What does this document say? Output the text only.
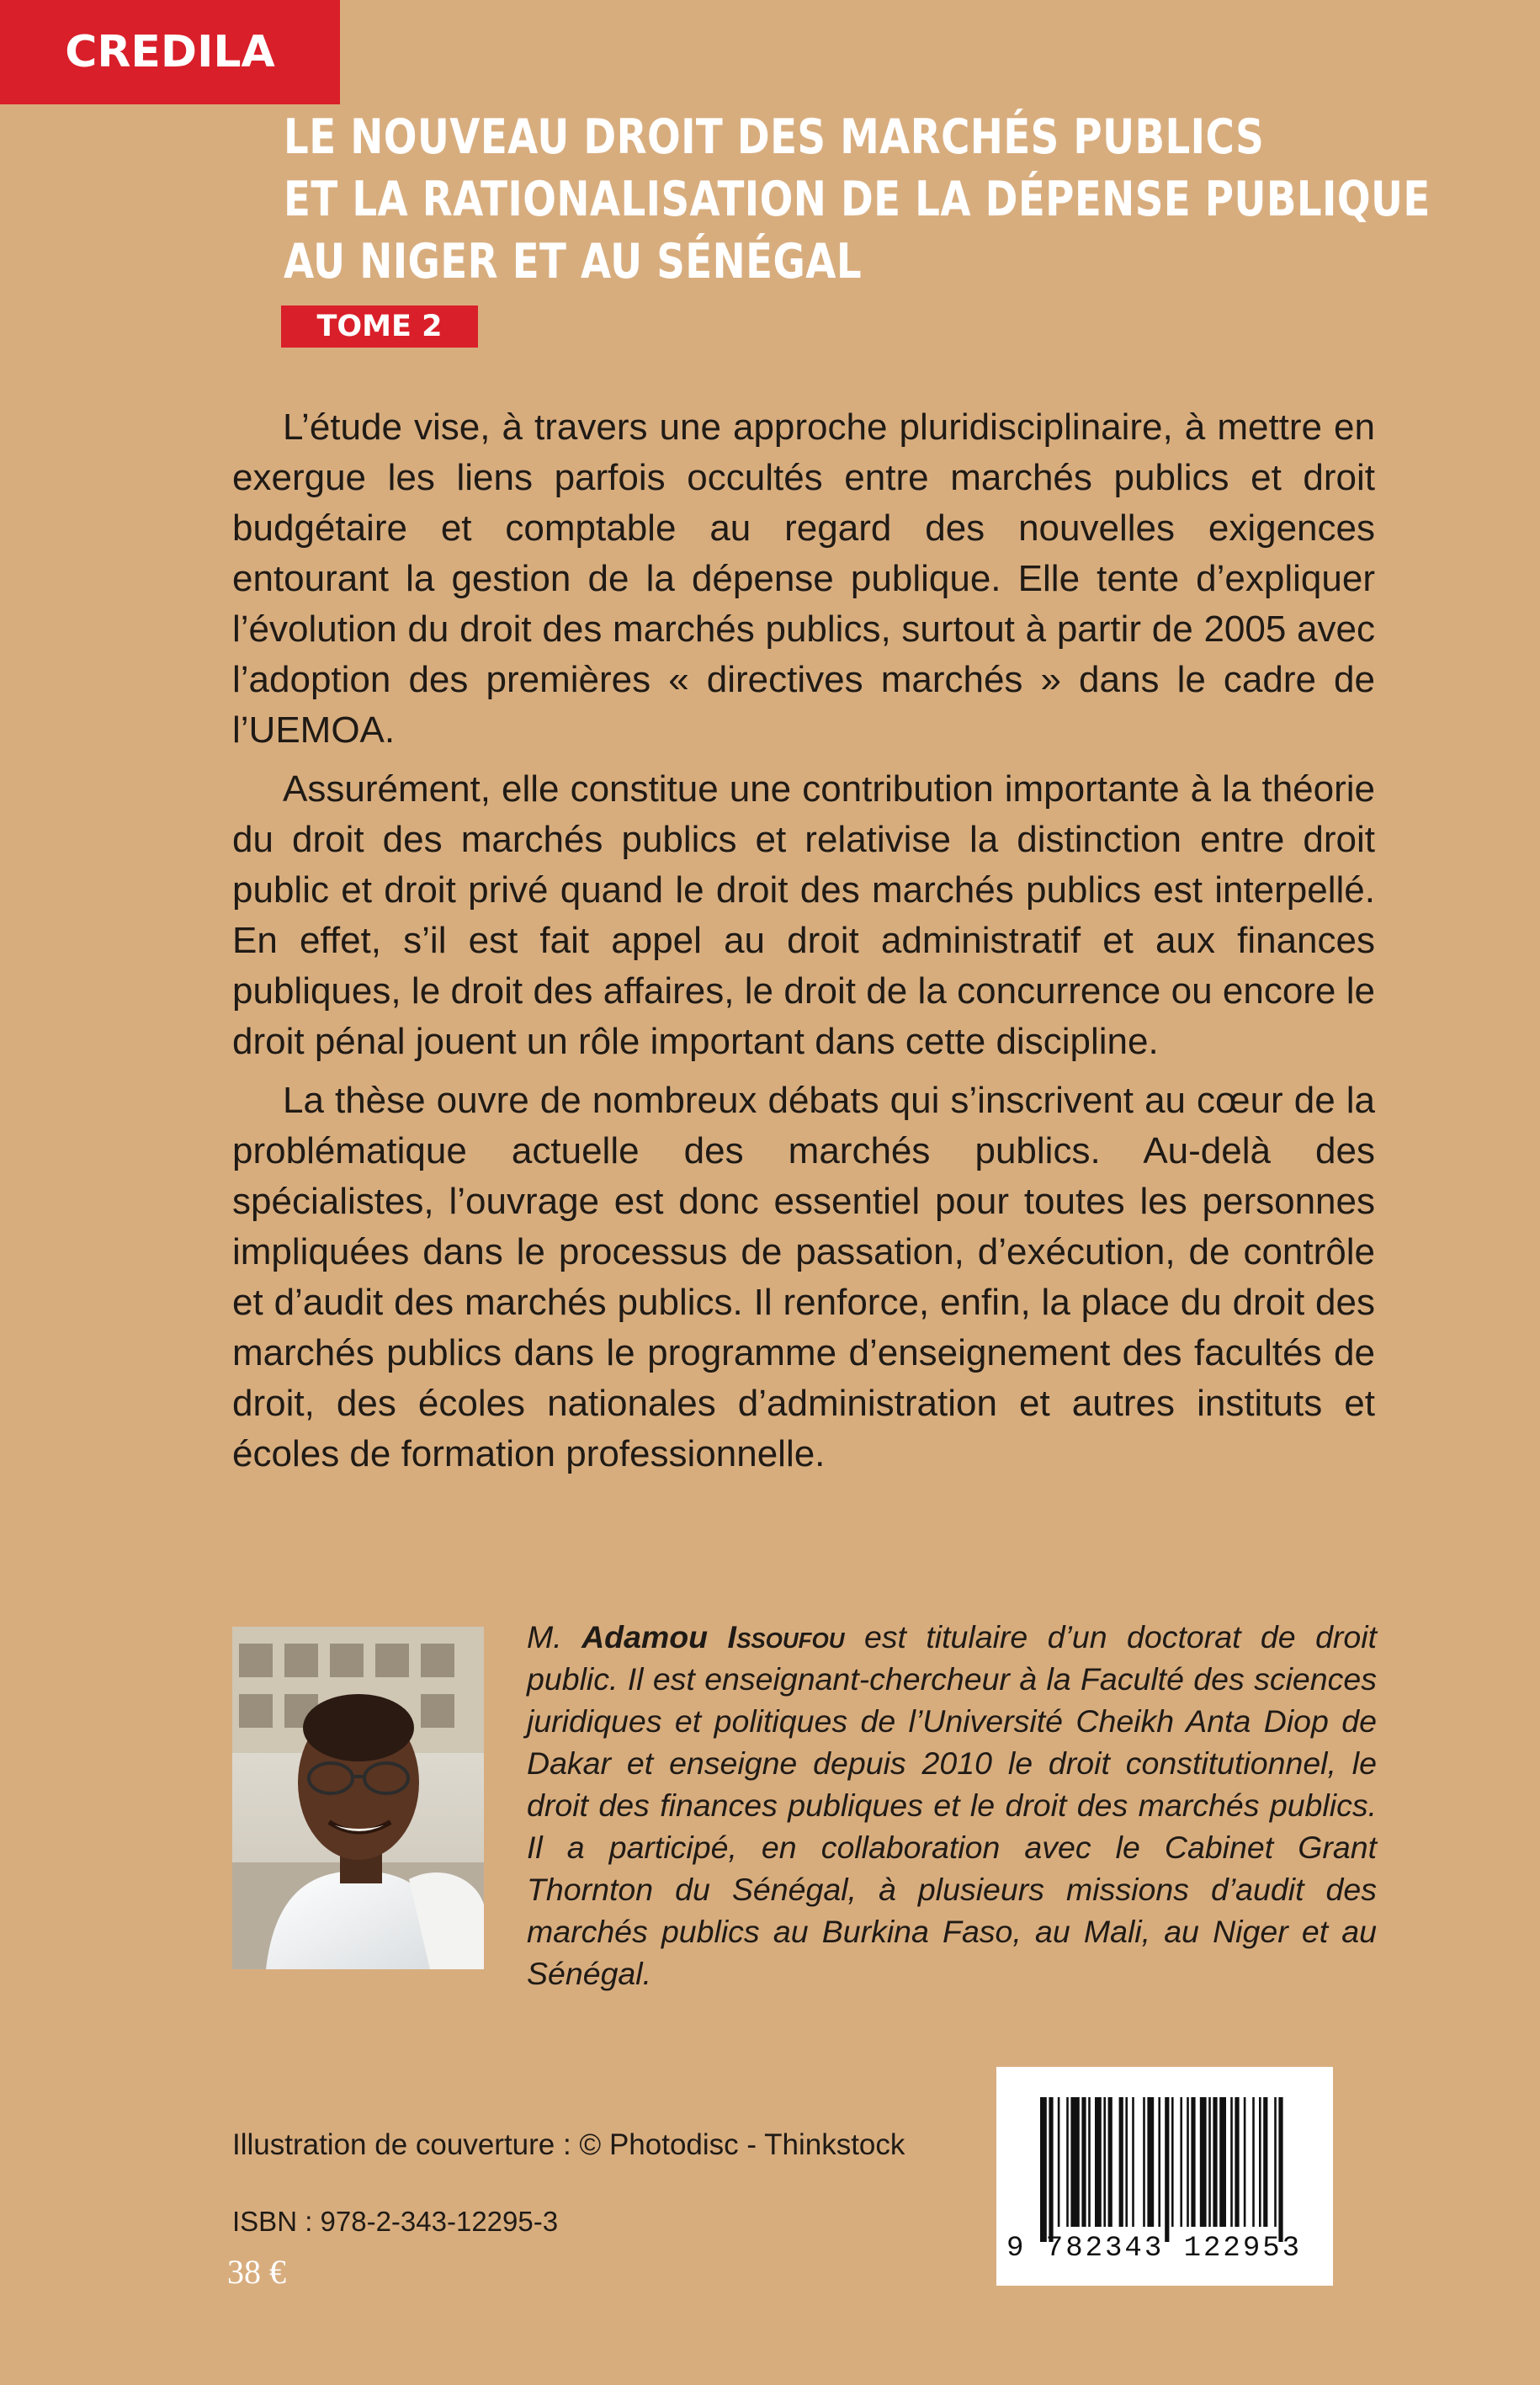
CREDILA
LE NOUVEAU DROIT DES MARCHÉS PUBLICS
ET LA RATIONALISATION DE LA DÉPENSE PUBLIQUE
AU NIGER ET AU SÉNÉGAL
TOME 2

L’étude vise, à travers une approche pluridisciplinaire, à mettre en exergue les liens parfois occultés entre marchés publics et droit budgétaire et comptable au regard des nouvelles exigences entourant la gestion de la dépense publique. Elle tente d’expliquer l’évolution du droit des marchés publics, surtout à partir de 2005 avec l’adoption des premières « directives marchés » dans le cadre de l’UEMOA.

Assurément, elle constitue une contribution importante à la théorie du droit des marchés publics et relativise la distinction entre droit public et droit privé quand le droit des marchés publics est interpellé. En effet, s’il est fait appel au droit administratif et aux finances publiques, le droit des affaires, le droit de la concurrence ou encore le droit pénal jouent un rôle important dans cette discipline.

La thèse ouvre de nombreux débats qui s’inscrivent au cœur de la problématique actuelle des marchés publics. Au-delà des spécialistes, l’ouvrage est donc essentiel pour toutes les personnes impliquées dans le processus de passation, d’exécution, de contrôle et d’audit des marchés publics. Il renforce, enfin, la place du droit des marchés publics dans le programme d’enseignement des facultés de droit, des écoles nationales d’administration et autres instituts et écoles de formation professionnelle.

M. Adamou Issoufou est titulaire d’un doctorat de droit public. Il est enseignant-chercheur à la Faculté des sciences juridiques et politiques de l’Université Cheikh Anta Diop de Dakar et enseigne depuis 2010 le droit constitutionnel, le droit des finances publiques et le droit des marchés publics. Il a participé, en collaboration avec le Cabinet Grant Thornton du Sénégal, à plusieurs missions d’audit des marchés publics au Burkina Faso, au Mali, au Niger et au Sénégal.
Illustration de couverture : © Photodisc - Thinkstock
ISBN : 978-2-343-12295-3
38 €
9 782343 122953
